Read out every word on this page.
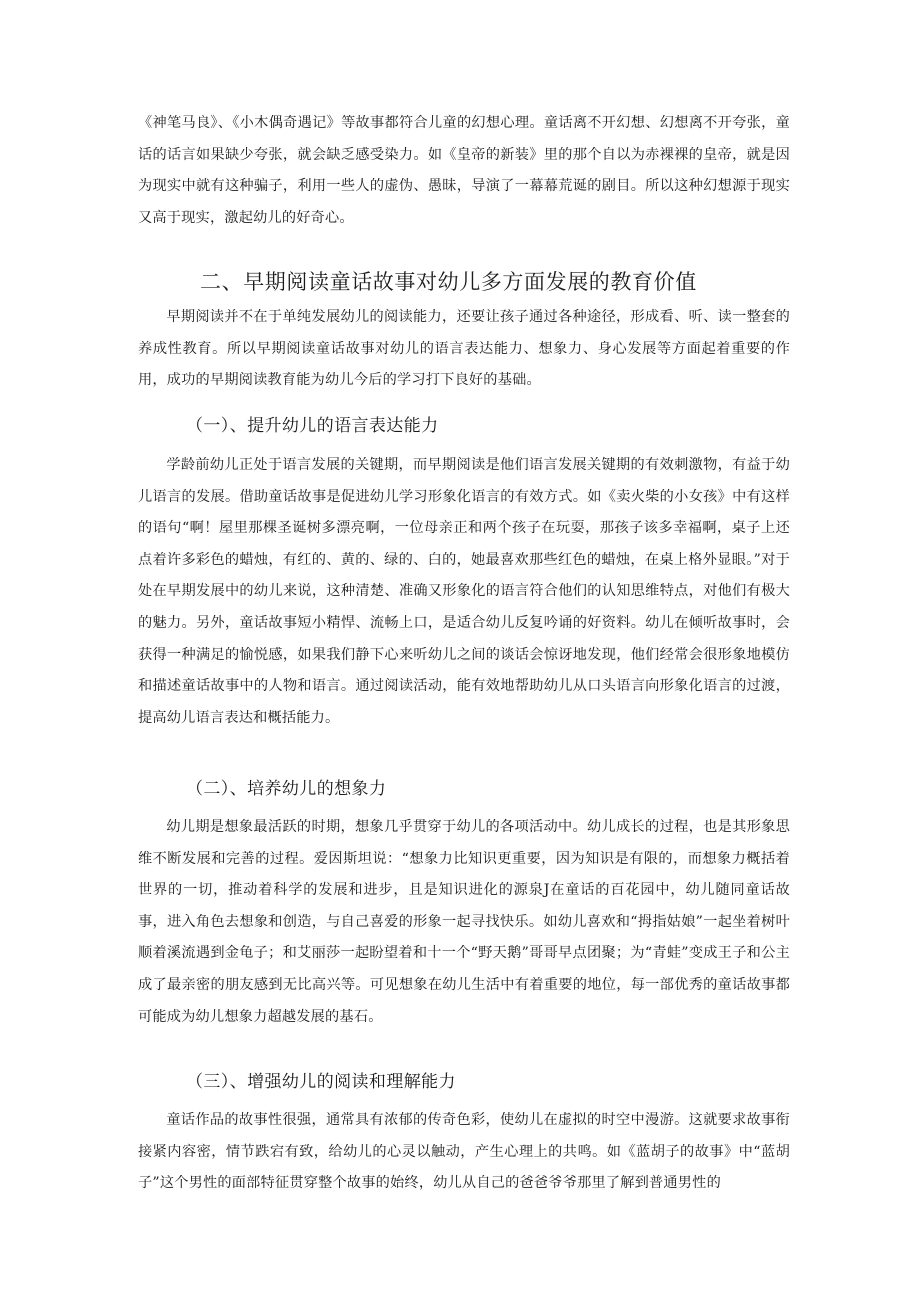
《神笔马良》、《小木偶奇遇记》等故事都符合儿童的幻想心理。童话离不开幻想、幻想离不开夸张，童话的话言如果缺少夸张，就会缺乏感受染力。如《皇帝的新装》里的那个自以为赤裸裸的皇帝，就是因为现实中就有这种骗子，利用一些人的虚伪、愚昧，导演了一幕幕荒诞的剧目。所以这种幻想源于现实又高于现实，激起幼儿的好奇心。

二、早期阅读童话故事对幼儿多方面发展的教育价值

早期阅读并不在于单纯发展幼儿的阅读能力，还要让孩子通过各种途径，形成看、听、读一整套的养成性教育。所以早期阅读童话故事对幼儿的语言表达能力、想象力、身心发展等方面起着重要的作用，成功的早期阅读教育能为幼儿今后的学习打下良好的基础。

（一）、提升幼儿的语言表达能力

学龄前幼儿正处于语言发展的关键期，而早期阅读是他们语言发展关键期的有效刺激物，有益于幼儿语言的发展。借助童话故事是促进幼儿学习形象化语言的有效方式。如《卖火柴的小女孩》中有这样的语句“啊！屋里那棵圣诞树多漂亮啊，一位母亲正和两个孩子在玩耍，那孩子该多幸福啊，桌子上还点着许多彩色的蜡烛，有红的、黄的、绿的、白的，她最喜欢那些红色的蜡烛，在桌上格外显眼。”对于处在早期发展中的幼儿来说，这种清楚、准确又形象化的语言符合他们的认知思维特点，对他们有极大的魅力。另外，童话故事短小精悍、流畅上口，是适合幼儿反复吟诵的好资料。幼儿在倾听故事时，会获得一种满足的愉悦感，如果我们静下心来听幼儿之间的谈话会惊讶地发现，他们经常会很形象地模仿和描述童话故事中的人物和语言。通过阅读活动，能有效地帮助幼儿从口头语言向形象化语言的过渡，提高幼儿语言表达和概括能力。

（二）、培养幼儿的想象力

幼儿期是想象最活跃的时期，想象几乎贯穿于幼儿的各项活动中。幼儿成长的过程，也是其形象思维不断发展和完善的过程。爱因斯坦说：“想象力比知识更重要，因为知识是有限的，而想象力概括着世界的一切，推动着科学的发展和进步，且是知识进化的源泉J在童话的百花园中，幼儿随同童话故事，进入角色去想象和创造，与自己喜爱的形象一起寻找快乐。如幼儿喜欢和“拇指姑娘”一起坐着树叶顺着溪流遇到金龟子；和艾丽莎一起盼望着和十一个“野天鹅”哥哥早点团聚；为“青蛙”变成王子和公主成了最亲密的朋友感到无比高兴等。可见想象在幼儿生活中有着重要的地位，每一部优秀的童话故事都可能成为幼儿想象力超越发展的基石。

（三）、增强幼儿的阅读和理解能力

童话作品的故事性很强，通常具有浓郁的传奇色彩，使幼儿在虚拟的时空中漫游。这就要求故事衔接紧内容密，情节跌宕有致，给幼儿的心灵以触动，产生心理上的共鸣。如《蓝胡子的故事》中“蓝胡子”这个男性的面部特征贯穿整个故事的始终，幼儿从自己的爸爸爷爷那里了解到普通男性的
